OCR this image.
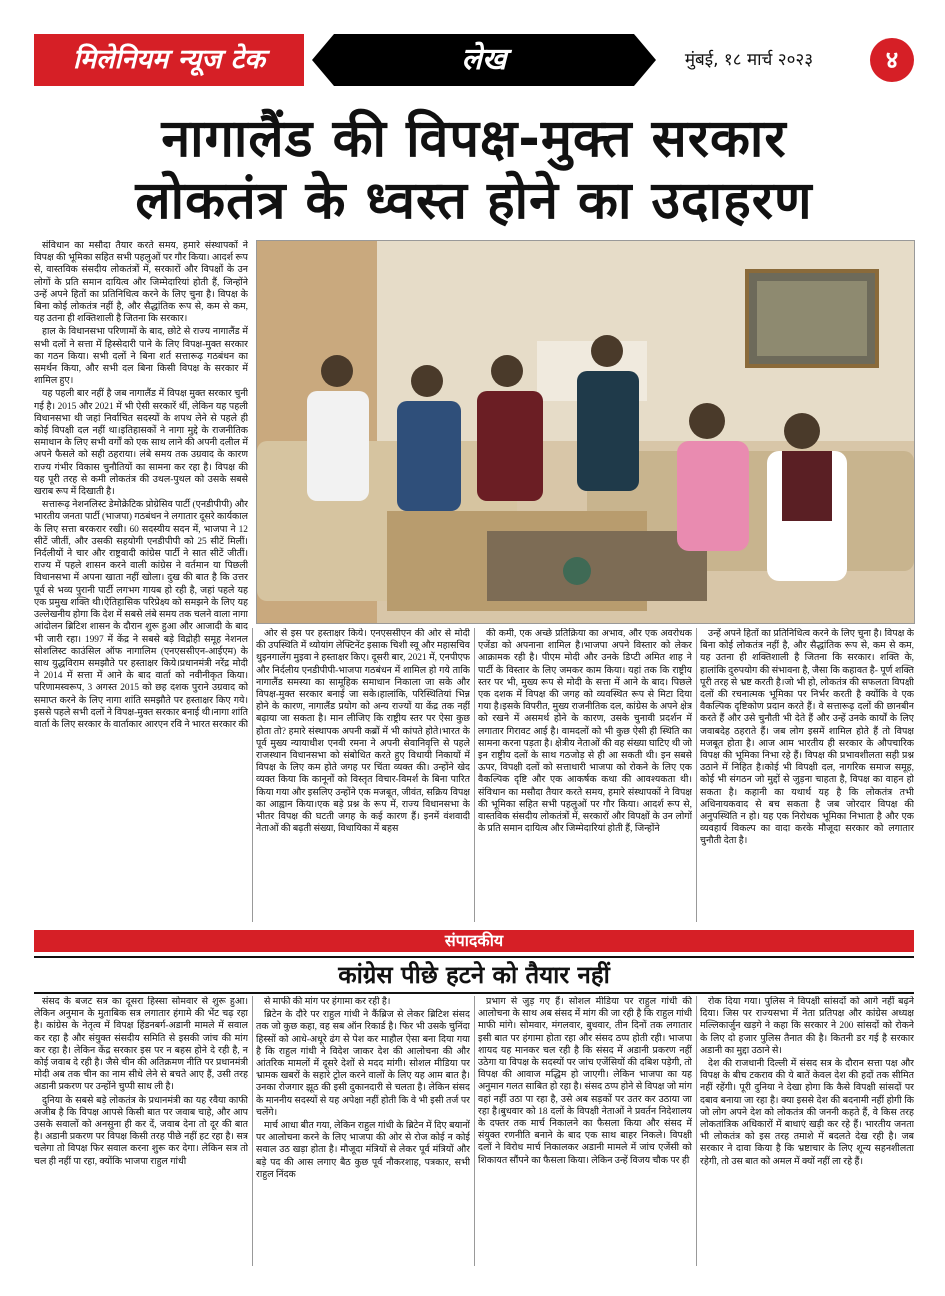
मिलेनियम न्यूज टेक	लेख	मुंबई, १८ मार्च २०२३	४
नागालैंड की विपक्ष-मुक्त सरकार
लोकतंत्र के ध्वस्त होने का उदाहरण

संविधान का मसौदा तैयार करते समय, हमारे संस्थापकों ने विपक्ष की भूमिका सहित सभी पहलुओं पर गौर किया। आदर्श रूप से, वास्तविक संसदीय लोकतंत्रों में, सरकारों और विपक्षों के उन लोगों के प्रति समान दायित्व और जिम्मेदारियां होती हैं, जिन्होंने उन्हें अपने हितों का प्रतिनिधित्व करने के लिए चुना है। विपक्ष के बिना कोई लोकतंत्र नहीं है, और सैद्धांतिक रूप से, कम से कम, यह उतना ही शक्तिशाली है जितना कि सरकार।

हाल के विधानसभा परिणामों के बाद, छोटे से राज्य नागालैंड में सभी दलों ने सत्ता में हिस्सेदारी पाने के लिए विपक्ष-मुक्त सरकार का गठन किया। सभी दलों ने बिना शर्त सत्तारूढ़ गठबंधन का समर्थन किया, और सभी दल बिना किसी विपक्ष के सरकार में शामिल हुए।

यह पहली बार नहीं है जब नागालैंड में विपक्ष मुक्त सरकार चुनी गई है। 2015 और 2021 में भी ऐसी सरकारें थीं, लेकिन यह पहली विधानसभा थी जहां निर्वाचित सदस्यों के शपथ लेने से पहले ही कोई विपक्षी दल नहीं था।इतिहासकों ने नागा मुद्दे के राजनीतिक समाधान के लिए सभी वर्गों को एक साथ लाने की अपनी दलील में अपने फैसले को सही ठहराया। लंबे समय तक उग्रवाद के कारण राज्य गंभीर विकास चुनौतियों का सामना कर रहा है। विपक्ष की यह पूरी तरह से कमी लोकतंत्र की उथल-पुथल को उसके सबसे खराब रूप में दिखाती है।

सत्तारूढ़ नेशनलिस्ट डेमोक्रेटिक प्रोग्रेसिव पार्टी (एनडीपीपी) और भारतीय जनता पार्टी (भाजपा) गठबंधन ने लगातार दूसरे कार्यकाल के लिए सत्ता बरकरार रखी। 60 सदस्यीय सदन में, भाजपा ने 12 सीटें जीतीं, और उसकी सहयोगी एनडीपीपी को 25 सीटें मिलीं। निर्दलीयों ने चार और राष्ट्रवादी कांग्रेस पार्टी ने सात सीटें जीतीं। राज्य में पहले शासन करने वाली कांग्रेस ने वर्तमान या पिछली विधानसभा में अपना खाता नहीं खोला। दुख की बात है कि उत्तर पूर्व से भव्य पुरानी पार्टी लगभग गायब हो रही है, जहां पहले यह एक प्रमुख शक्ति थी।ऐतिहासिक परिप्रेक्ष्य को समझने के लिए यह उल्लेखनीय होगा कि देश में सबसे लंबे समय तक चलने वाला नागा आंदोलन ब्रिटिश शासन के दौरान शुरू हुआ और आजादी के बाद भी जारी रहा। 1997 में केंद्र ने सबसे बड़े विद्रोही समूह नेशनल सोशलिस्ट काउंसिल ऑफ नागालिम (एनएससीएन-आईएम) के साथ युद्धविराम समझौते पर हस्ताक्षर किये।प्रधानमंत्री नरेंद्र मोदी ने 2014 में सत्ता में आने के बाद वार्ता को नवीनीकृत किया। परिणामस्वरूप, 3 अगस्त 2015 को छह दशक पुराने उग्रवाद को समाप्त करने के लिए नागा शांति समझौते पर हस्ताक्षर किए गये। इससे पहले सभी दलों ने विपक्ष-मुक्त सरकार बनाई थी।नागा शांति वार्ता के लिए सरकार के वार्ताकार आरएन रवि ने भारत सरकार की

ओर से इस पर हस्ताक्षर किये। एनएससीएन की ओर से मोदी की उपस्थिति में थ्योयांग लेफ्टिनेंट इसाक चिशी स्वू और महासचिव थुइनगालेंग मुइवा ने हस्ताक्षर किए। दूसरी बार, 2021 में, एनपीएफ और निर्दलीय एनडीपीपी-भाजपा गठबंधन में शामिल हो गये ताकि नागालैंड समस्या का सामूहिक समाधान निकाला जा सके और विपक्ष-मुक्त सरकार बनाई जा सके।हालांकि, परिस्थितियां भिन्न होने के कारण, नागालैंड प्रयोग को अन्य राज्यों या केंद्र तक नहीं बढ़ाया जा सकता है। मान लीजिए कि राष्ट्रीय स्तर पर ऐसा कुछ होता तो? हमारे संस्थापक अपनी कब्रों में भी कांपते होते।भारत के पूर्व मुख्य न्यायाधीश एनवी रमना ने अपनी सेवानिवृत्ति से पहले राजस्थान विधानसभा को संबोधित करते हुए विधायी निकायों में विपक्ष के लिए कम होते जगह पर चिंता व्यक्त की। उन्होंने खेद व्यक्त किया कि कानूनों को विस्तृत विचार-विमर्श के बिना पारित किया गया और इसलिए उन्होंने एक मजबूत, जीवंत, सक्रिय विपक्ष का आह्वान किया।एक बड़े प्रश्न के रूप में, राज्य विधानसभा के भीतर विपक्ष की घटती जगह के कई कारण हैं। इनमें वंशवादी नेताओं की बढ़ती संख्या, विधायिका में बहस

की कमी, एक अच्छे प्रतिक्रिया का अभाव, और एक अवरोधक एजेंडा को अपनाना शामिल है।भाजपा अपने विस्तार को लेकर आक्रामक रही है। पीएम मोदी और उनके डिप्टी अमित शाह ने पार्टी के विस्तार के लिए जमकर काम किया। यहां तक कि राष्ट्रीय स्तर पर भी, मुख्य रूप से मोदी के सत्ता में आने के बाद। पिछले एक दशक में विपक्ष की जगह को व्यवस्थित रूप से मिटा दिया गया है।इसके विपरीत, मुख्य राजनीतिक दल, कांग्रेस के अपने क्षेत्र को रखने में असमर्थ होने के कारण, उसके चुनावी प्रदर्शन में लगातार गिरावट आई है। वामदलों को भी कुछ ऐसी ही स्थिति का सामना करना पड़ता है। क्षेत्रीय नेताओं की वह संख्या घाटिए थी जो इन राष्ट्रीय दलों के साथ गठजोड़ से ही आ सकती थी। इन सबसे ऊपर, विपक्षी दलों को सत्ताधारी भाजपा को रोकने के लिए एक वैकल्पिक दृष्टि और एक आकर्षक कथा की आवश्यकता थी।संविधान का मसौदा तैयार करते समय, हमारे संस्थापकों ने विपक्ष की भूमिका सहित सभी पहलुओं पर गौर किया। आदर्श रूप से, वास्तविक संसदीय लोकतंत्रों में, सरकारों और विपक्षों के उन लोगों के प्रति समान दायित्व और जिम्मेदारियां होती हैं, जिन्होंने

उन्हें अपने हितों का प्रतिनिधित्व करने के लिए चुना है। विपक्ष के बिना कोई लोकतंत्र नहीं है, और सैद्धांतिक रूप से, कम से कम, यह उतना ही शक्तिशाली है जितना कि सरकार। शक्ति के, हालांकि दुरुपयोग की संभावना है, जैसा कि कहावत है- पूर्ण शक्ति पूरी तरह से भ्रष्ट करती है।जो भी हो, लोकतंत्र की सफलता विपक्षी दलों की रचनात्मक भूमिका पर निर्भर करती है क्योंकि वे एक वैकल्पिक दृष्टिकोण प्रदान करते हैं। वे सत्तारूढ़ दलों की छानबीन करते हैं और उसे चुनौती भी देते हैं और उन्हें उनके कार्यों के लिए जवाबदेह ठहराते हैं। जब लोग इसमें शामिल होते हैं तो विपक्ष मजबूत होता है। आज आम भारतीय ही सरकार के औपचारिक विपक्ष की भूमिका निभा रहे हैं। विपक्ष की प्रभावशीलता सही प्रश्न उठाने में निहित है।कोई भी विपक्षी दल, नागरिक समाज समूह, कोई भी संगठन जो मुद्दों से जुड़ना चाहता है, विपक्ष का वाहन हो सकता है। कहानी का यथार्थ यह है कि लोकतंत्र तभी अधिनायकवाद से बच सकता है जब जोरदार विपक्ष की अनुपस्थिति न हो। यह एक निरोधक भूमिका निभाता है और एक व्यवहार्य विकल्प का वादा करके मौजूदा सरकार को लगातार चुनौती देता है।

संपादकीय
कांग्रेस पीछे हटने को तैयार नहीं

संसद के बजट सत्र का दूसरा हिस्सा सोमवार से शुरू हुआ। लेकिन अनुमान के मुताबिक सत्र लगातार हंगामे की भेंट चढ़ रहा है। कांग्रेस के नेतृत्व में विपक्ष हिंडनबर्ग-अडानी मामले में सवाल कर रहा है और संयुक्त संसदीय समिति से इसकी जांच की मांग कर रहा है। लेकिन केंद्र सरकार इस पर न बहस होने दे रही है, न कोई जवाब दे रही है। जैसे चीन की अतिक्रमण नीति पर प्रधानमंत्री मोदी अब तक चीन का नाम सीधे लेने से बचते आए हैं, उसी तरह अडानी प्रकरण पर उन्होंने चुप्पी साध ली है।

दुनिया के सबसे बड़े लोकतंत्र के प्रधानमंत्री का यह रवैया काफी अजीब है कि विपक्ष आपसे किसी बात पर जवाब चाहे, और आप उसके सवालों को अनसुना ही कर दें, जवाब देना तो दूर की बात है। अडानी प्रकरण पर विपक्ष किसी तरह पीछे नहीं हट रहा है। सत्र चलेगा तो विपक्ष फिर सवाल करना शुरू कर देगा। लेकिन सत्र तो चल ही नहीं पा रहा, क्योंकि भाजपा राहुल गांधी

से माफी की मांग पर हंगामा कर रही है।

ब्रिटेन के दौरे पर राहुल गांधी ने कैंब्रिज से लेकर ब्रिटिश संसद तक जो कुछ कहा, वह सब ऑन रिकार्ड है। फिर भी उसके चुनिंदा हिस्सों को आधे-अधूरे ढंग से पेश कर माहौल ऐसा बना दिया गया है कि राहुल गांधी ने विदेश जाकर देश की आलोचना की और आंतरिक मामलों में दूसरे देशों से मदद मांगी। सोशल मीडिया पर भ्रामक खबरों के सहारे ट्रोल करने वालों के लिए यह आम बात है। उनका रोजगार झूठ की इसी दुकानदारी से चलता है। लेकिन संसद के माननीय सदस्यों से यह अपेक्षा नहीं होती कि वे भी इसी तर्ज पर चलेंगे।

मार्च आधा बीत गया, लेकिन राहुल गांधी के ब्रिटेन में दिए बयानों पर आलोचना करने के लिए भाजपा की ओर से रोज कोई न कोई सवाल उठ खड़ा होता है। मौजूदा मंत्रियों से लेकर पूर्व मंत्रियों और बड़े पद की आस लगाए बैठ कुछ पूर्व नौकरशाह, पत्रकार, सभी राहुल निंदक

प्रभाग से जुड़ गए हैं। सोशल मीडिया पर राहुल गांधी की आलोचना के साथ अब संसद में मांग की जा रही है कि राहुल गांधी माफी मांगे। सोमवार, मंगलवार, बुधवार, तीन दिनों तक लगातार इसी बात पर हंगामा होता रहा और संसद ठप्प होती रही। भाजपा शायद यह मानकर चल रही है कि संसद में अडानी प्रकरण नहीं उठेगा या विपक्ष के सदस्यों पर जांच एजेंसियों की दबिश पड़ेगी, तो विपक्ष की आवाज मद्धिम हो जाएगी। लेकिन भाजपा का यह अनुमान गलत साबित हो रहा है। संसद ठप्प होने से विपक्ष जो मांग वहां नहीं उठा पा रहा है, उसे अब सड़कों पर उतर कर उठाया जा रहा है।बुधवार को 18 दलों के विपक्षी नेताओं ने प्रवर्तन निदेशालय के दफ्तर तक मार्च निकालने का फैसला किया और संसद में संयुक्त रणनीति बनाने के बाद एक साथ बाहर निकले। विपक्षी दलों ने विरोध मार्च निकालकर अडानी मामले में जांच एजेंसी को शिकायत सौंपने का फैसला किया। लेकिन उन्हें विजय चौक पर ही

रोक दिया गया। पुलिस ने विपक्षी सांसदों को आगे नहीं बढ़ने दिया। जिस पर राज्यसभा में नेता प्रतिपक्ष और कांग्रेस अध्यक्ष मल्लिकार्जुन खड़गे ने कहा कि सरकार ने 200 सांसदों को रोकने के लिए दो हजार पुलिस तैनात की है। कितनी डर गई है सरकार अडानी का मुद्दा उठाने से।

देश की राजधानी दिल्ली में संसद सत्र के दौरान सत्ता पक्ष और विपक्ष के बीच टकराव की ये बातें केवल देश की हदों तक सीमित नहीं रहेंगी। पूरी दुनिया ने देखा होगा कि कैसे विपक्षी सांसदों पर दबाव बनाया जा रहा है। क्या इससे देश की बदनामी नहीं होगी कि जो लोग अपने देश को लोकतंत्र की जननी कहते हैं, वे किस तरह लोकतांत्रिक अधिकारों में बाधाएं खड़ी कर रहे हैं। भारतीय जनता भी लोकतंत्र को इस तरह तमाशे में बदलते देख रही है। जब सरकार ने दावा किया है कि भ्रष्टाचार के लिए शून्य सहनशीलता रहेगी, तो उस बात को अमल में क्यों नहीं ला रहे हैं।
